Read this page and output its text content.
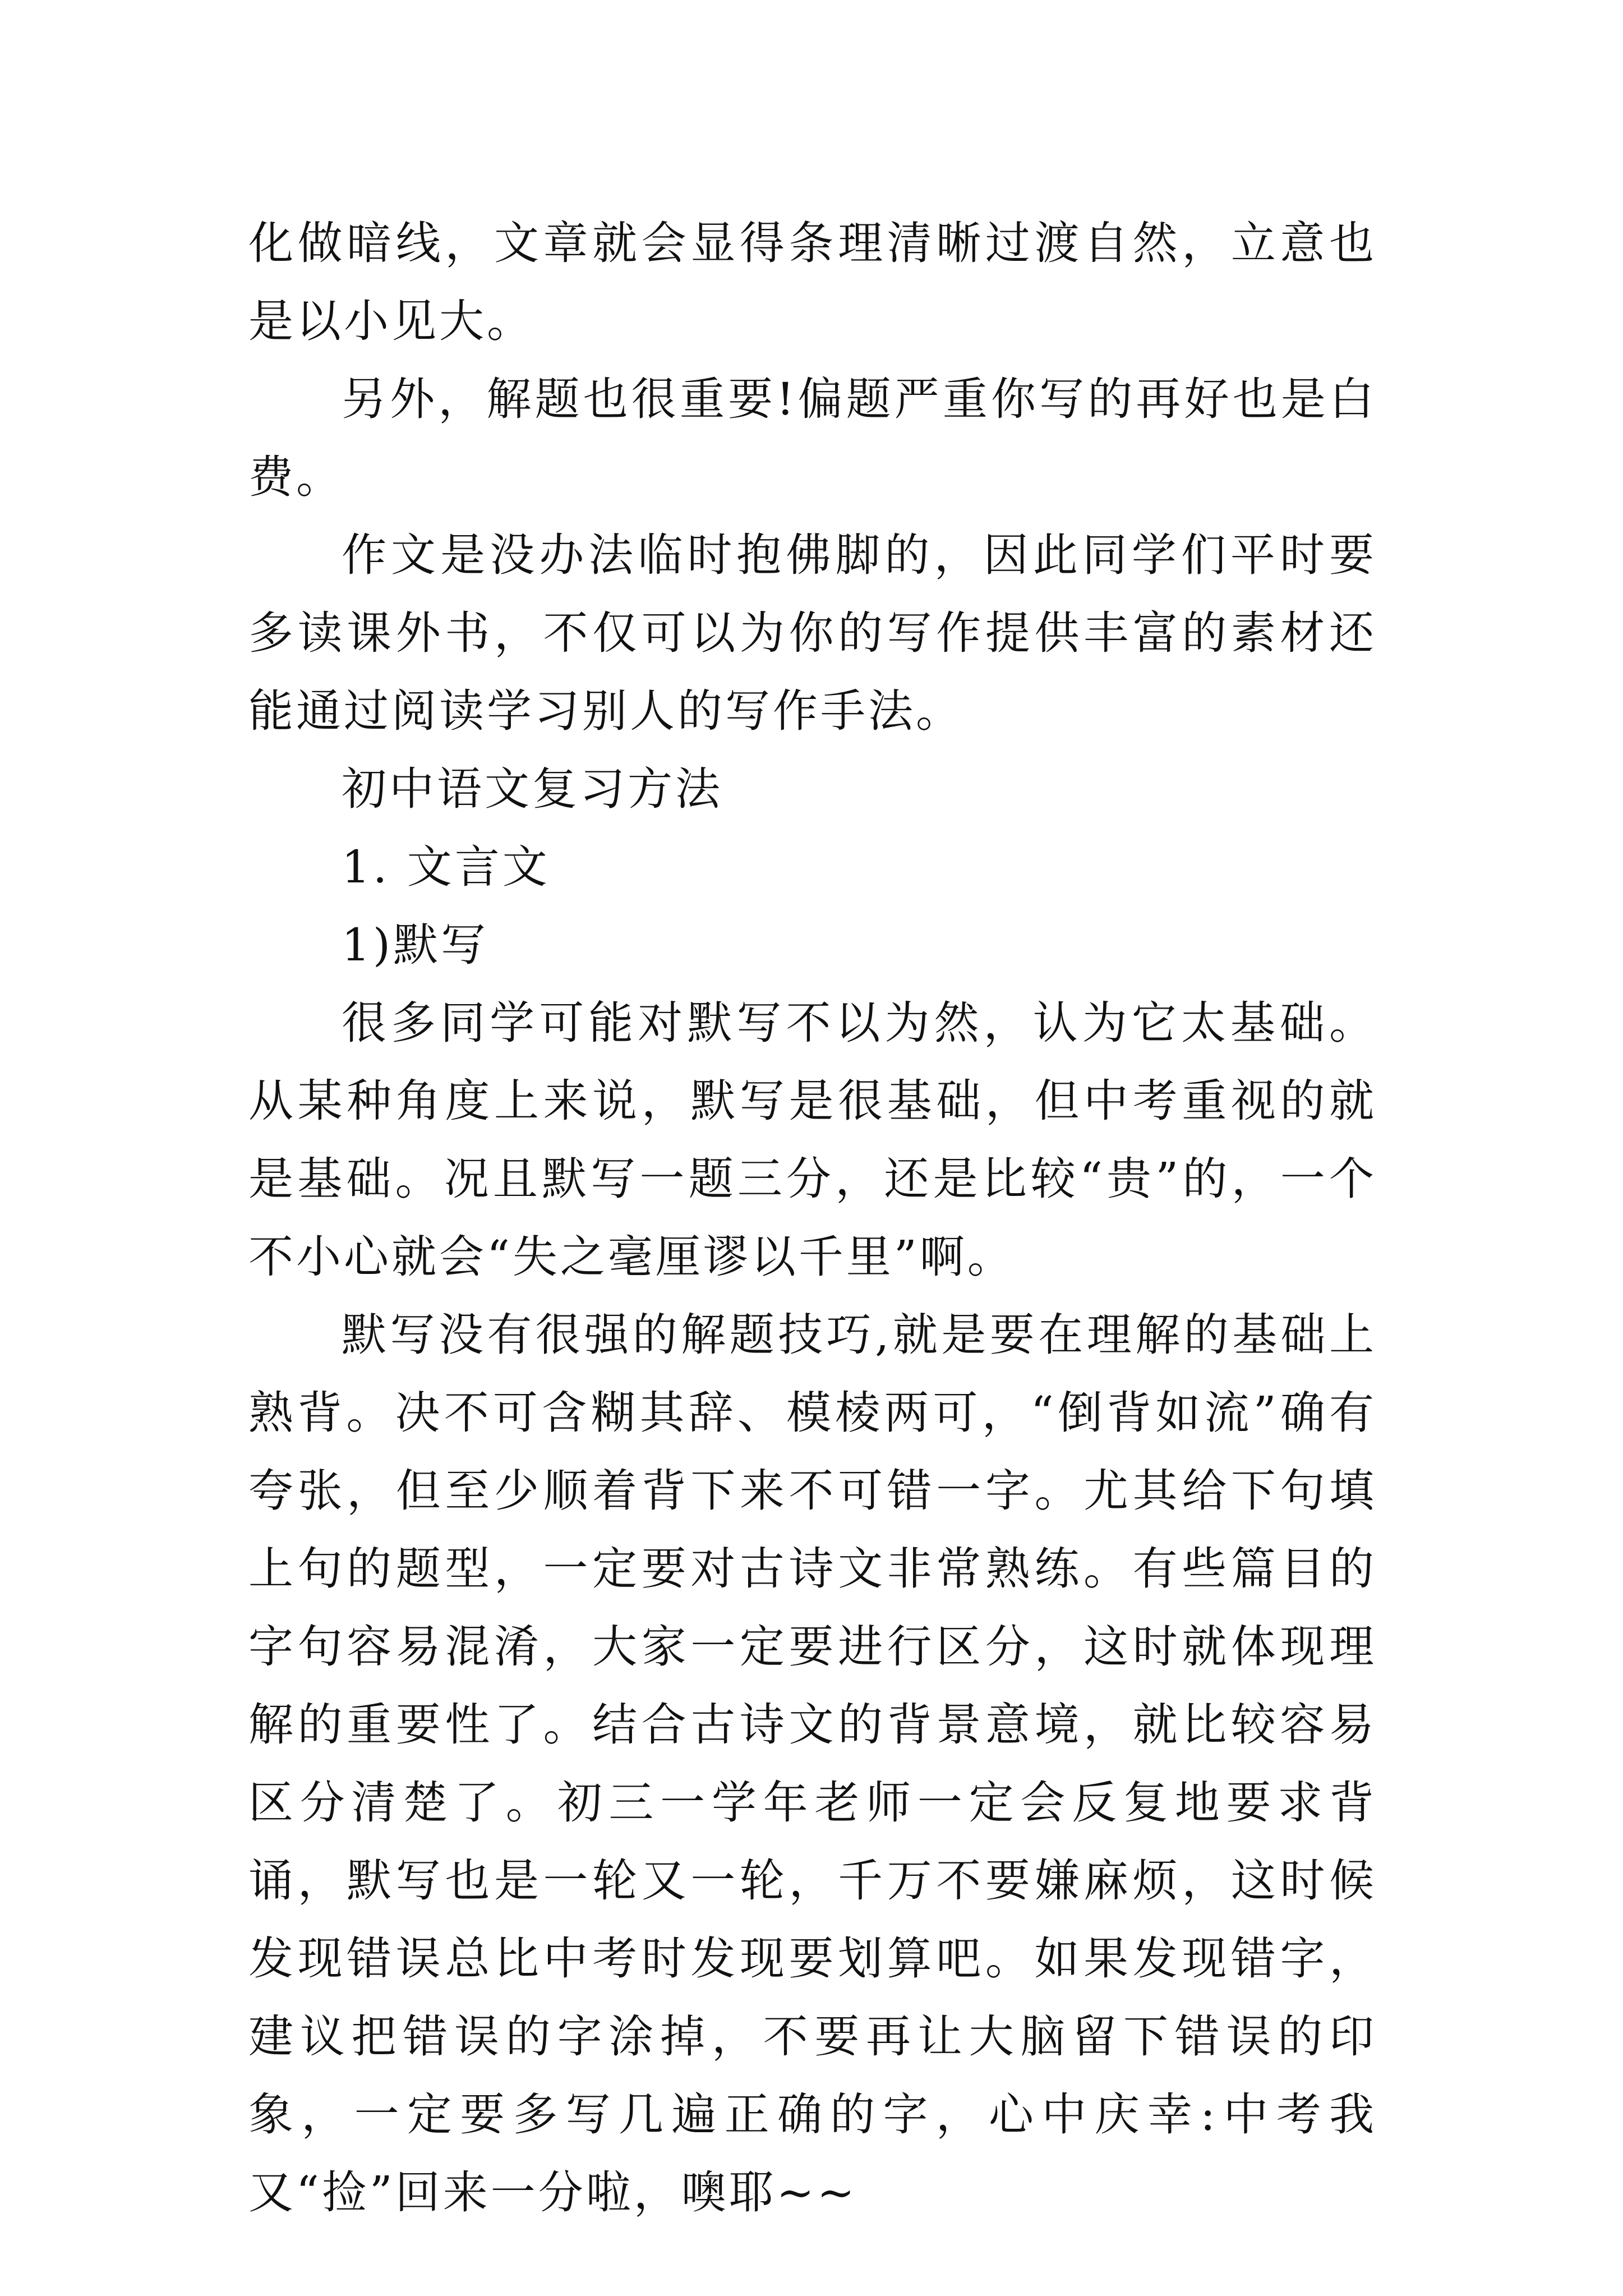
化做暗线，文章就会显得条理清晰过渡自然，立意也是以小见大。

另外，解题也很重要!偏题严重你写的再好也是白费。

作文是没办法临时抱佛脚的，因此同学们平时要多读课外书，不仅可以为你的写作提供丰富的素材还能通过阅读学习别人的写作手法。

初中语文复习方法

1. 文言文

1)默写

很多同学可能对默写不以为然，认为它太基础。从某种角度上来说，默写是很基础，但中考重视的就是基础。况且默写一题三分，还是比较“贵”的，一个不小心就会“失之毫厘谬以千里”啊。

默写没有很强的解题技巧,就是要在理解的基础上熟背。决不可含糊其辞、模棱两可，“倒背如流”确有夸张，但至少顺着背下来不可错一字。尤其给下句填上句的题型，一定要对古诗文非常熟练。有些篇目的字句容易混淆，大家一定要进行区分，这时就体现理解的重要性了。结合古诗文的背景意境，就比较容易区分清楚了。初三一学年老师一定会反复地要求背诵，默写也是一轮又一轮，千万不要嫌麻烦，这时候发现错误总比中考时发现要划算吧。如果发现错字，建议把错误的字涂掉，不要再让大脑留下错误的印象，一定要多写几遍正确的字，心中庆幸:中考我又“捡”回来一分啦，噢耶~~
